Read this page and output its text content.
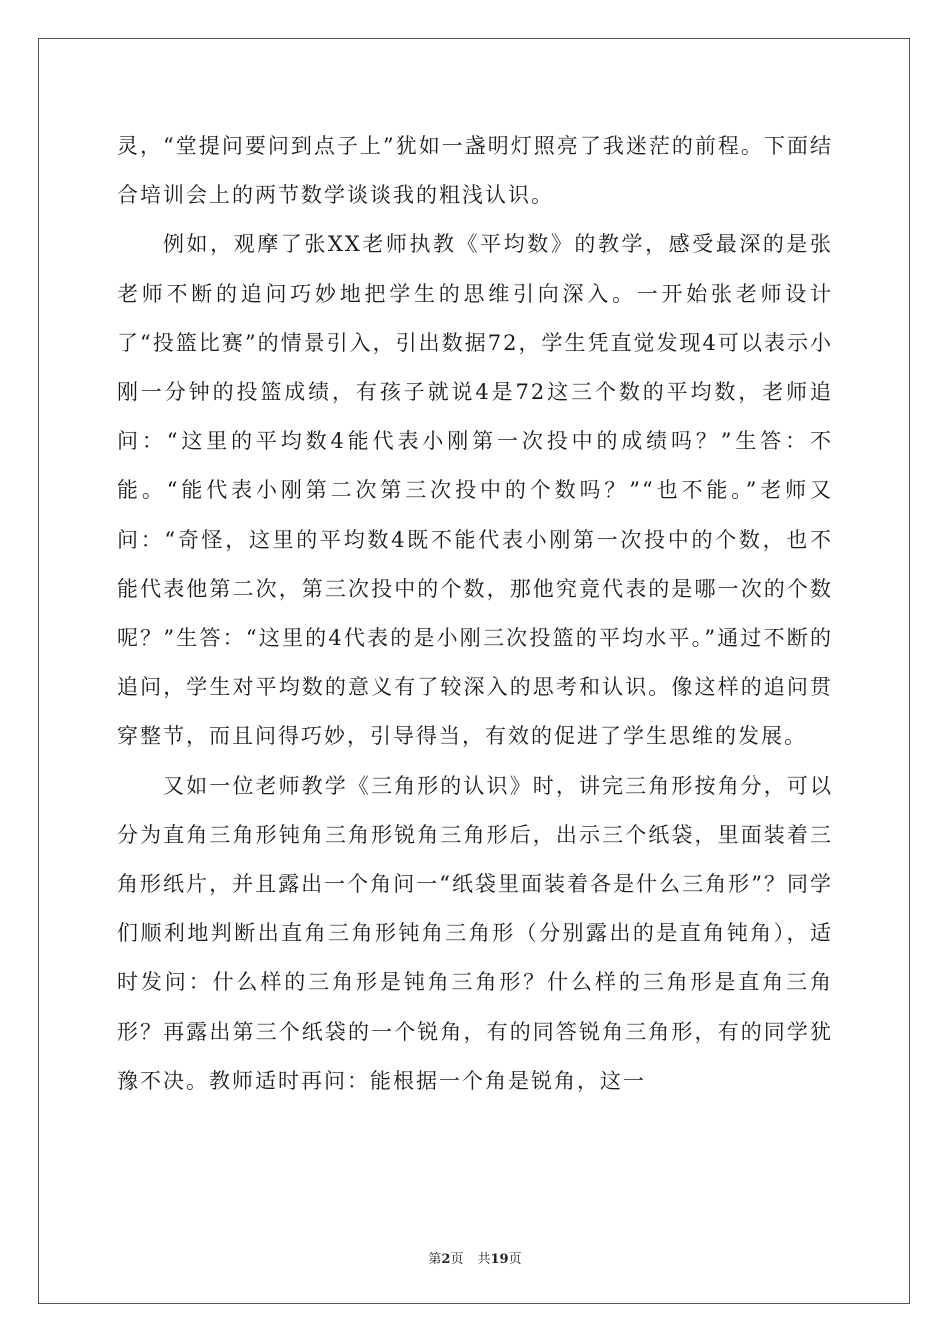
灵，“堂提问要问到点子上”犹如一盏明灯照亮了我迷茫的前程。下面结合培训会上的两节数学谈谈我的粗浅认识。

例如，观摩了张XX老师执教《平均数》的教学，感受最深的是张老师不断的追问巧妙地把学生的思维引向深入。一开始张老师设计了“投篮比赛”的情景引入，引出数据72，学生凭直觉发现4可以表示小刚一分钟的投篮成绩，有孩子就说4是72这三个数的平均数，老师追问：“这里的平均数4能代表小刚第一次投中的成绩吗？”生答：不能。“能代表小刚第二次第三次投中的个数吗？”“也不能。”老师又问：“奇怪，这里的平均数4既不能代表小刚第一次投中的个数，也不能代表他第二次，第三次投中的个数，那他究竟代表的是哪一次的个数呢？”生答：“这里的4代表的是小刚三次投篮的平均水平。”通过不断的追问，学生对平均数的意义有了较深入的思考和认识。像这样的追问贯穿整节，而且问得巧妙，引导得当，有效的促进了学生思维的发展。

又如一位老师教学《三角形的认识》时，讲完三角形按角分，可以分为直角三角形钝角三角形锐角三角形后，出示三个纸袋，里面装着三角形纸片，并且露出一个角问一“纸袋里面装着各是什么三角形”？同学们顺利地判断出直角三角形钝角三角形（分别露出的是直角钝角），适时发问：什么样的三角形是钝角三角形？什么样的三角形是直角三角形？再露出第三个纸袋的一个锐角，有的同答锐角三角形，有的同学犹豫不决。教师适时再问：能根据一个角是锐角，这一

第2页 共19页
